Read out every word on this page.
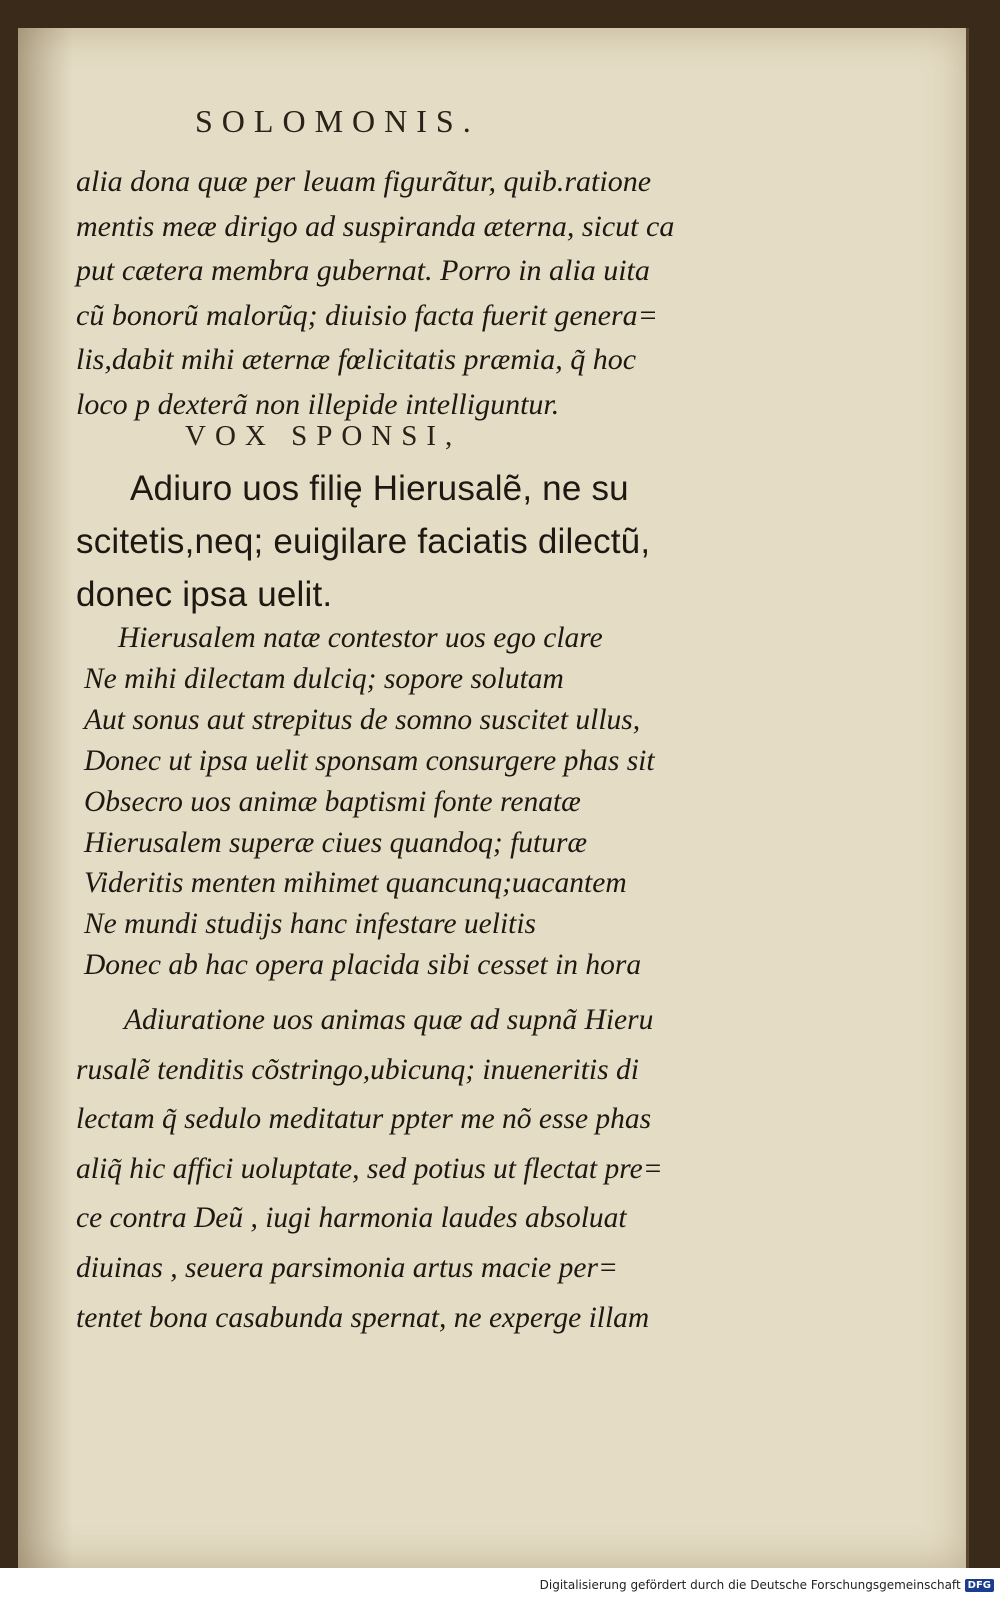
SOLOMONIS.
alia dona quæ per leuam figurãtur, quib.ratione
mentis meæ dirigo ad suspiranda æterna, sicut ca
put cætera membra gubernat. Porro in alia uita
cũ bonorũ malorũq; diuisio facta fuerit genera=
lis,dabit mihi æternæ fœlicitatis præmia, q̃ hoc
loco p dexterã non illepide intelliguntur.
VOX SPONSI,
Adiuro uos filię Hierusalẽ, ne su
scitetis,neq; euigilare faciatis dilectũ,
donec ipsa uelit.
Hierusalem natæ contestor uos ego clare
Ne mihi dilectam dulciq; sopore solutam
Aut sonus aut strepitus de somno suscitet ullus,
Donec ut ipsa uelit sponsam consurgere phas sit
Obsecro uos animæ baptismi fonte renatæ
Hierusalem superæ ciues quandoq; futuræ
Videritis menten mihimet quancunq;uacantem
Ne mundi studijs hanc infestare uelitis
Donec ab hac opera placida sibi cesset in hora
Adiuratione uos animas quæ ad supnã Hieru
rusalẽ tenditis cõstringo,ubicunq; inueneritis di
lectam q̃ sedulo meditatur ppter me nõ esse phas
aliq̃ hic affici uoluptate, sed potius ut flectat pre=
ce contra Deũ , iugi harmonia laudes absoluat
diuinas , seuera parsimonia artus macie per=
tentet bona casabunda spernat, ne experge illam
Digitalisierung gefördert durch die Deutsche Forschungsgemeinschaft DFG
